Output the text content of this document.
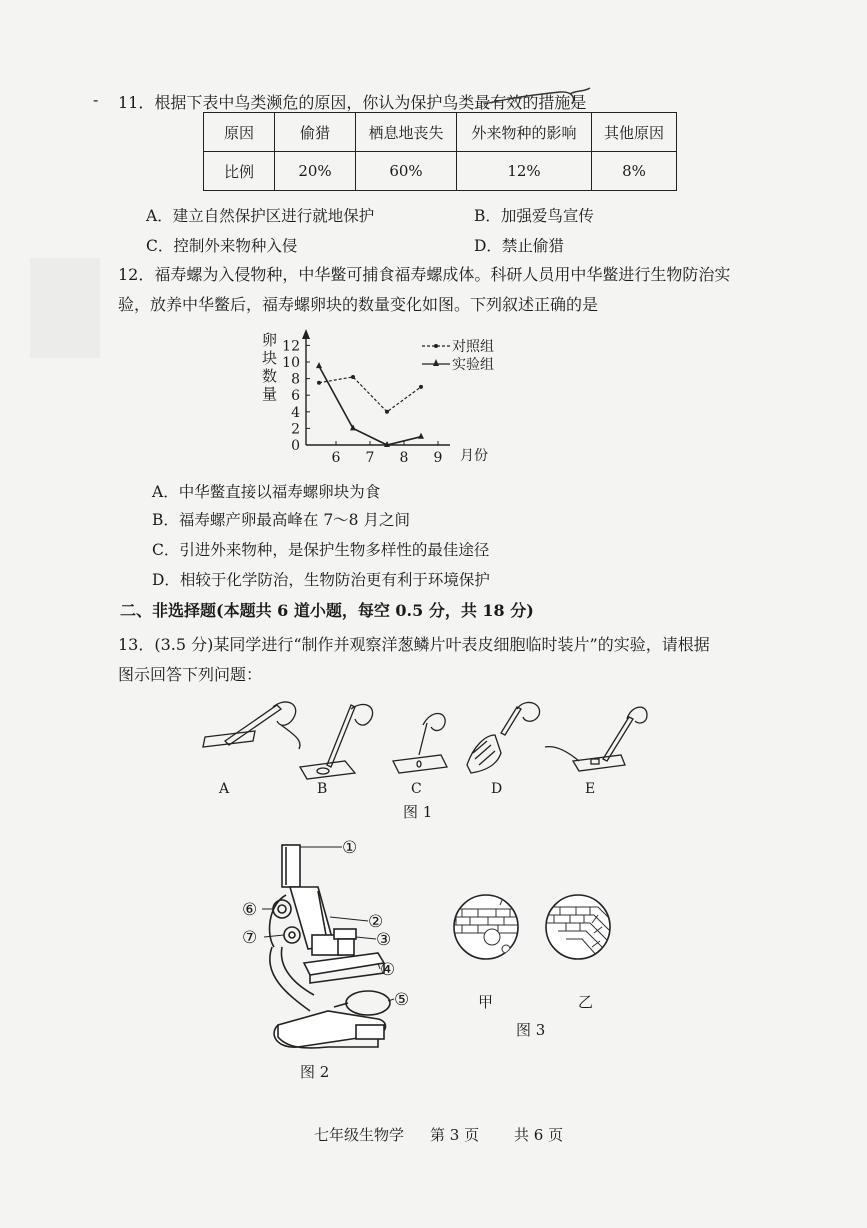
- 11．根据下表中鸟类濒危的原因，你认为保护鸟类最有效的措施是
原因	偷猎	栖息地丧失	外来物种的影响	其他原因
比例	20%	60%	12%	8%
A．建立自然保护区进行就地保护	B．加强爱鸟宣传
C．控制外来物种入侵	D．禁止偷猎
12．福寿螺为入侵物种，中华鳖可捕食福寿螺成体。科研人员用中华鳖进行生物防治实
验，放养中华鳖后，福寿螺卵块的数量变化如图。下列叙述正确的是
卵
块
数
量
月份
0
2
4
6
8
10
12
6 7 8 9
对照组
实验组
A．中华鳖直接以福寿螺卵块为食
B．福寿螺产卵最高峰在 7～8 月之间
C．引进外来物种，是保护生物多样性的最佳途径
D．相较于化学防治，生物防治更有利于环境保护
二、非选择题(本题共 6 道小题，每空 0.5 分，共 18 分)
13．(3.5 分)某同学进行“制作并观察洋葱鳞片叶表皮细胞临时装片”的实验，请根据
图示回答下列问题：
A	B	C	D	E
图 1
①
②
③
④
⑤
⑥
⑦
图 2
甲	乙
图 3
七年级生物学 第 3 页 共 6 页
